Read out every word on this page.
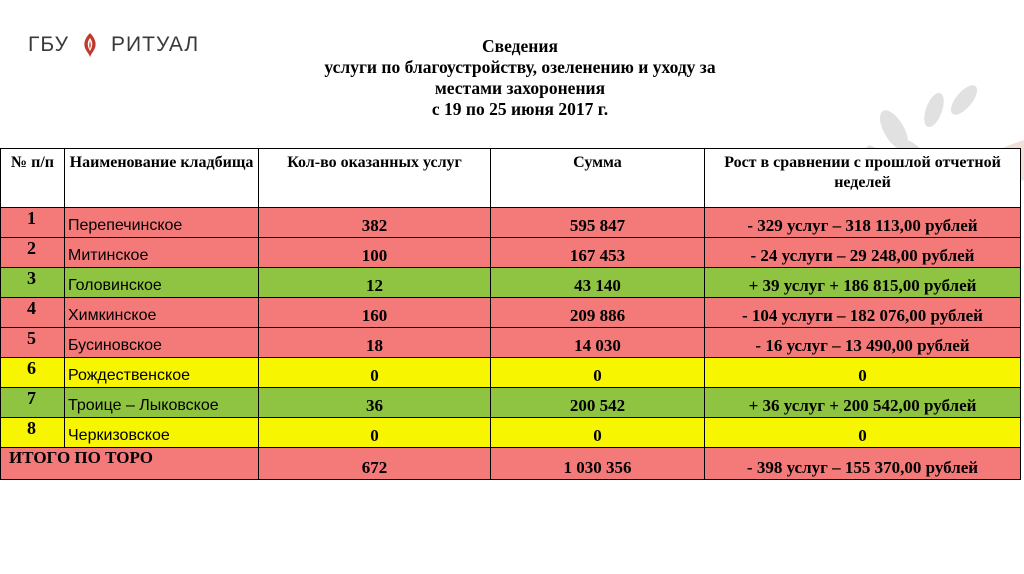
ГБУ РИТУАЛ	Сведения
услуги по благоустройству, озеленению и уходу за
местами захоронения
с 19 по 25 июня 2017 г.
№ п/п	Наименование кладбища	Кол-во оказанных услуг	Сумма	Рост в сравнении с прошлой отчетной неделей
1	Перепечинское	382	595 847	- 329 услуг – 318 113,00 рублей
2	Митинское	100	167 453	- 24 услуги – 29 248,00 рублей
3	Головинское	12	43 140	+ 39 услуг + 186 815,00 рублей
4	Химкинское	160	209 886	- 104 услуги – 182 076,00 рублей
5	Бусиновское	18	14 030	- 16 услуг – 13 490,00 рублей
6	Рождественское	0	0	0
7	Троице – Лыковское	36	200 542	+ 36 услуг + 200 542,00 рублей
8	Черкизовское	0	0	0
ИТОГО ПО ТОРО		672	1 030 356	- 398 услуг – 155 370,00 рублей
